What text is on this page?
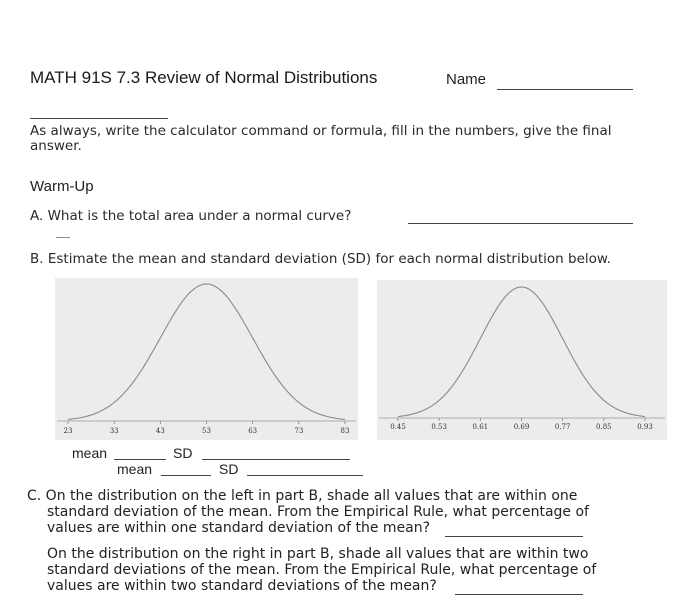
MATH 91S 7.3 Review of Normal Distributions	Name
As always, write the calculator command or formula, fill in the numbers, give the final answer.
Warm-Up
A. What is the total area under a normal curve?
B. Estimate the mean and standard deviation (SD) for each normal distribution below.
23	33	43	53	63	73	83	0.45	0.53	0.61	0.69	0.77	0.85	0.93
mean	SD
mean	SD
C. On the distribution on the left in part B, shade all values that are within one
standard deviation of the mean. From the Empirical Rule, what percentage of
values are within one standard deviation of the mean?
On the distribution on the right in part B, shade all values that are within two
standard deviations of the mean. From the Empirical Rule, what percentage of
values are within two standard deviations of the mean?
